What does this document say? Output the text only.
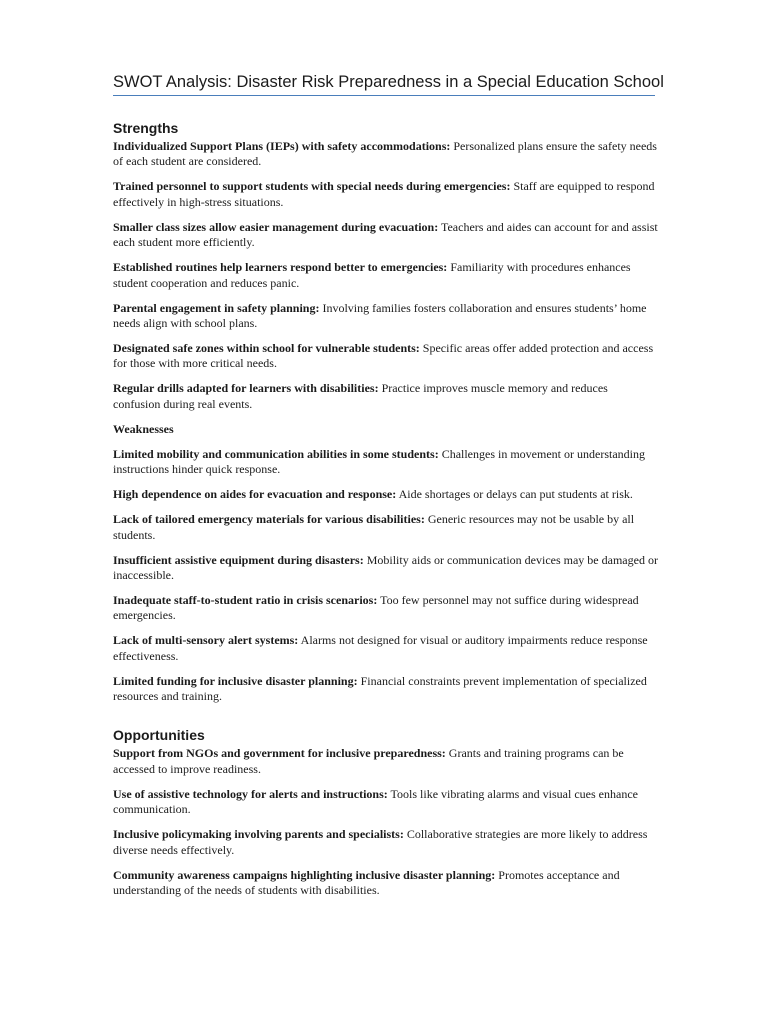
SWOT Analysis: Disaster Risk Preparedness in a Special Education School
Strengths
Individualized Support Plans (IEPs) with safety accommodations: Personalized plans ensure the safety needs of each student are considered.
Trained personnel to support students with special needs during emergencies: Staff are equipped to respond effectively in high-stress situations.
Smaller class sizes allow easier management during evacuation: Teachers and aides can account for and assist each student more efficiently.
Established routines help learners respond better to emergencies: Familiarity with procedures enhances student cooperation and reduces panic.
Parental engagement in safety planning: Involving families fosters collaboration and ensures students’ home needs align with school plans.
Designated safe zones within school for vulnerable students: Specific areas offer added protection and access for those with more critical needs.
Regular drills adapted for learners with disabilities: Practice improves muscle memory and reduces confusion during real events.
Weaknesses
Limited mobility and communication abilities in some students: Challenges in movement or understanding instructions hinder quick response.
High dependence on aides for evacuation and response: Aide shortages or delays can put students at risk.
Lack of tailored emergency materials for various disabilities: Generic resources may not be usable by all students.
Insufficient assistive equipment during disasters: Mobility aids or communication devices may be damaged or inaccessible.
Inadequate staff-to-student ratio in crisis scenarios: Too few personnel may not suffice during widespread emergencies.
Lack of multi-sensory alert systems: Alarms not designed for visual or auditory impairments reduce response effectiveness.
Limited funding for inclusive disaster planning: Financial constraints prevent implementation of specialized resources and training.
Opportunities
Support from NGOs and government for inclusive preparedness: Grants and training programs can be accessed to improve readiness.
Use of assistive technology for alerts and instructions: Tools like vibrating alarms and visual cues enhance communication.
Inclusive policymaking involving parents and specialists: Collaborative strategies are more likely to address diverse needs effectively.
Community awareness campaigns highlighting inclusive disaster planning: Promotes acceptance and understanding of the needs of students with disabilities.
